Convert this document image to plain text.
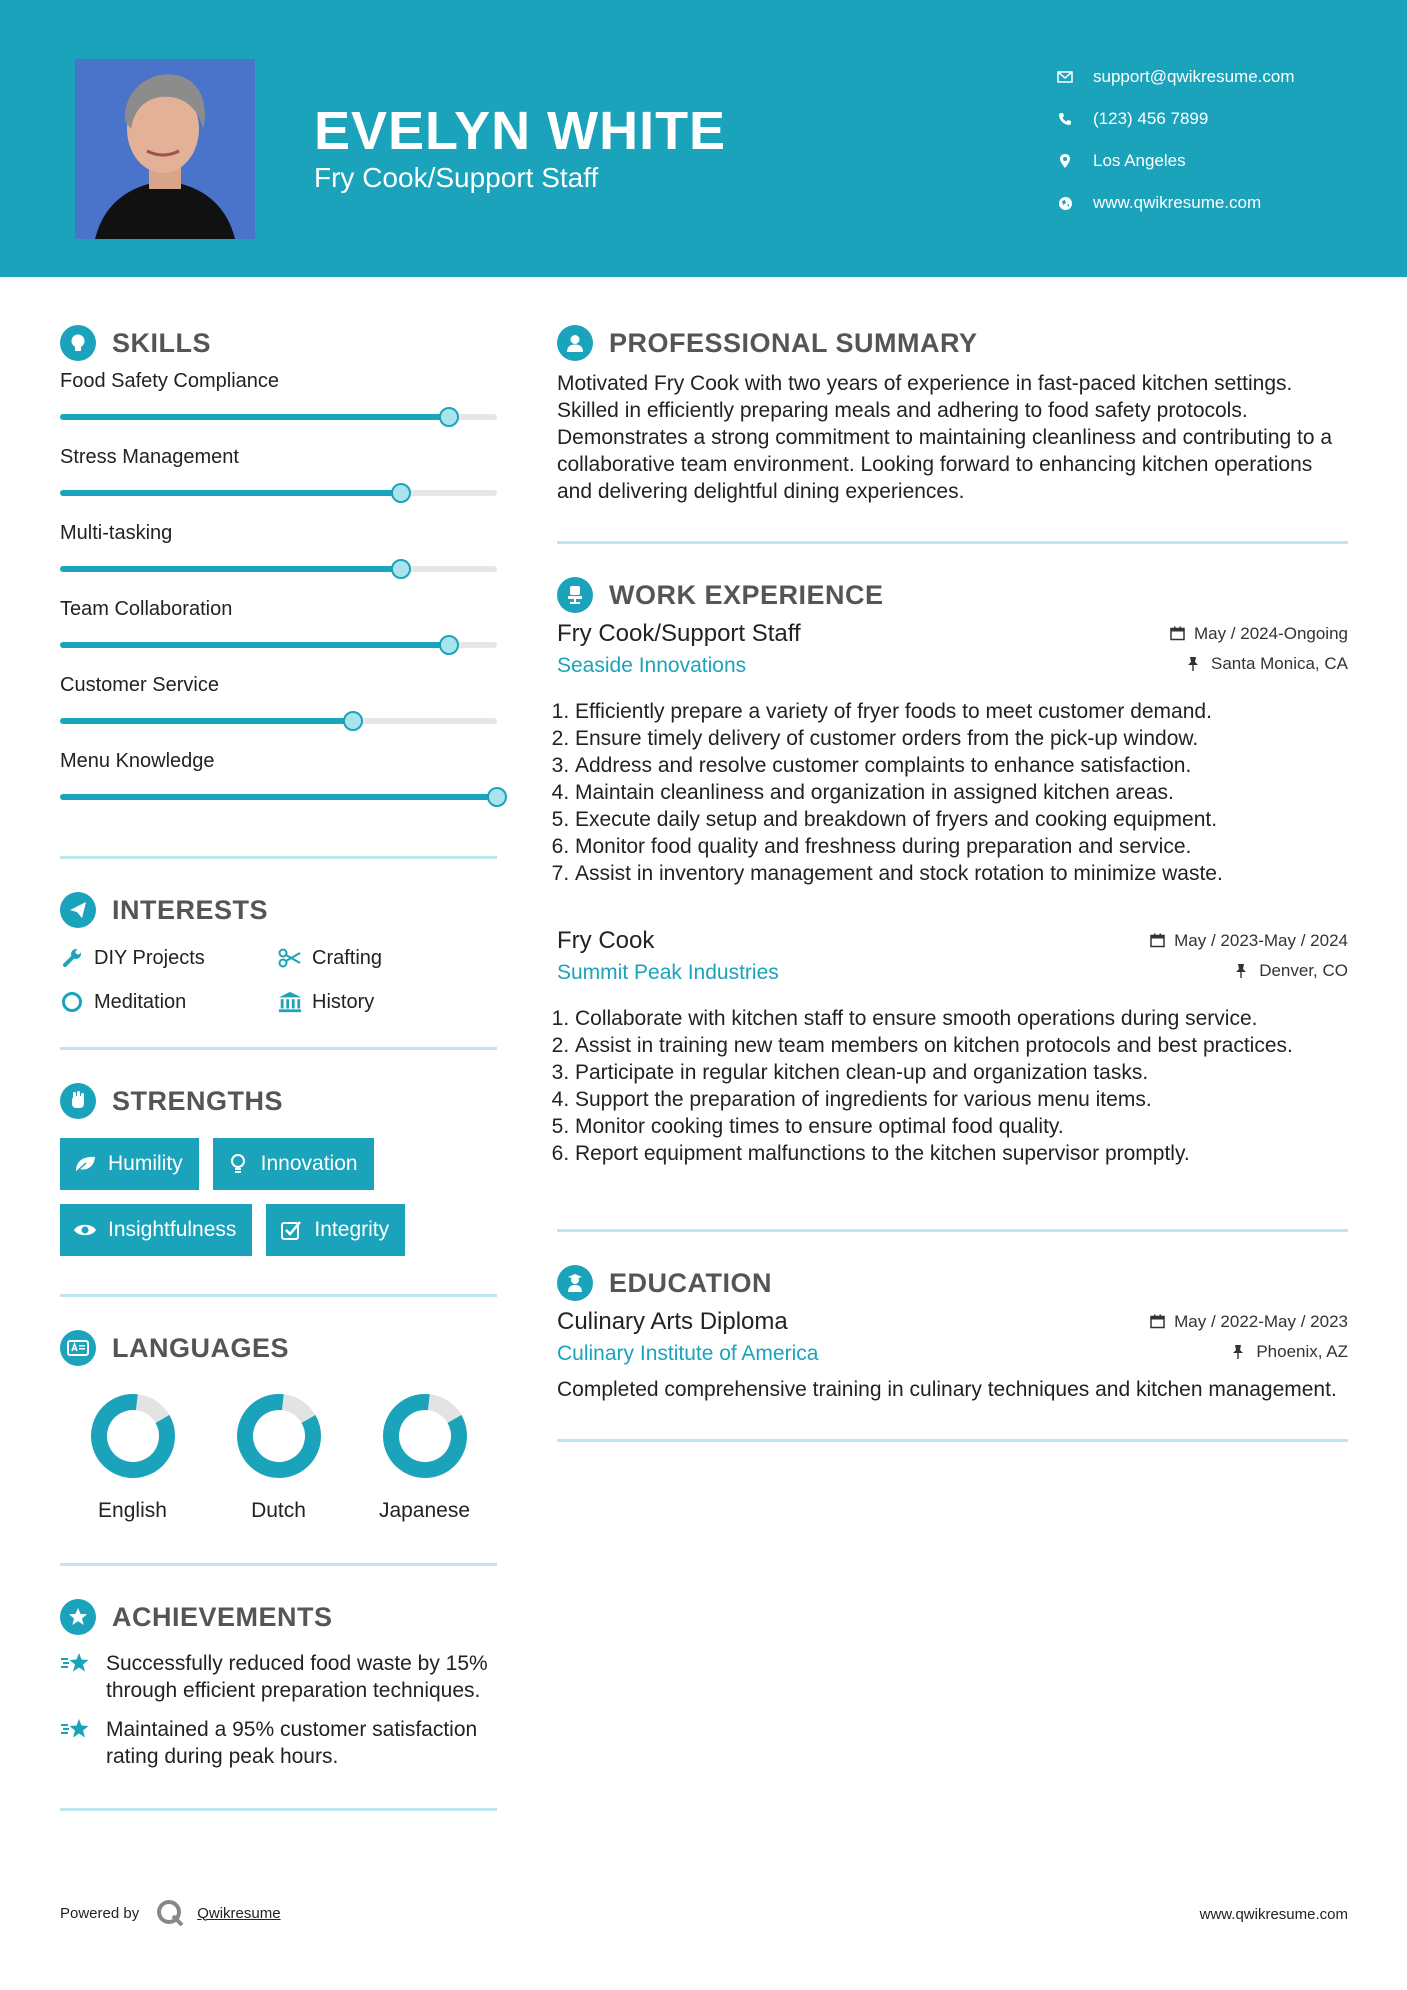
EVELYN WHITE
Fry Cook/Support Staff
support@qwikresume.com
(123) 456 7899
Los Angeles
www.qwikresume.com
SKILLS
Food Safety Compliance
Stress Management
Multi-tasking
Team Collaboration
Customer Service
Menu Knowledge
INTERESTS
DIY Projects	Crafting
Meditation	History
STRENGTHS
Humility	Innovation
Insightfulness	Integrity
LANGUAGES
English	Dutch	Japanese
ACHIEVEMENTS
Successfully reduced food waste by 15% through efficient preparation techniques.
Maintained a 95% customer satisfaction rating during peak hours.
PROFESSIONAL SUMMARY
Motivated Fry Cook with two years of experience in fast-paced kitchen settings. Skilled in efficiently preparing meals and adhering to food safety protocols. Demonstrates a strong commitment to maintaining cleanliness and contributing to a collaborative team environment. Looking forward to enhancing kitchen operations and delivering delightful dining experiences.
WORK EXPERIENCE
Fry Cook/Support Staff	May / 2024-Ongoing
Seaside Innovations	Santa Monica, CA
1. Efficiently prepare a variety of fryer foods to meet customer demand.
2. Ensure timely delivery of customer orders from the pick-up window.
3. Address and resolve customer complaints to enhance satisfaction.
4. Maintain cleanliness and organization in assigned kitchen areas.
5. Execute daily setup and breakdown of fryers and cooking equipment.
6. Monitor food quality and freshness during preparation and service.
7. Assist in inventory management and stock rotation to minimize waste.
Fry Cook	May / 2023-May / 2024
Summit Peak Industries	Denver, CO
1. Collaborate with kitchen staff to ensure smooth operations during service.
2. Assist in training new team members on kitchen protocols and best practices.
3. Participate in regular kitchen clean-up and organization tasks.
4. Support the preparation of ingredients for various menu items.
5. Monitor cooking times to ensure optimal food quality.
6. Report equipment malfunctions to the kitchen supervisor promptly.
EDUCATION
Culinary Arts Diploma	May / 2022-May / 2023
Culinary Institute of America	Phoenix, AZ
Completed comprehensive training in culinary techniques and kitchen management.
Powered by	Qwikresume	www.qwikresume.com
